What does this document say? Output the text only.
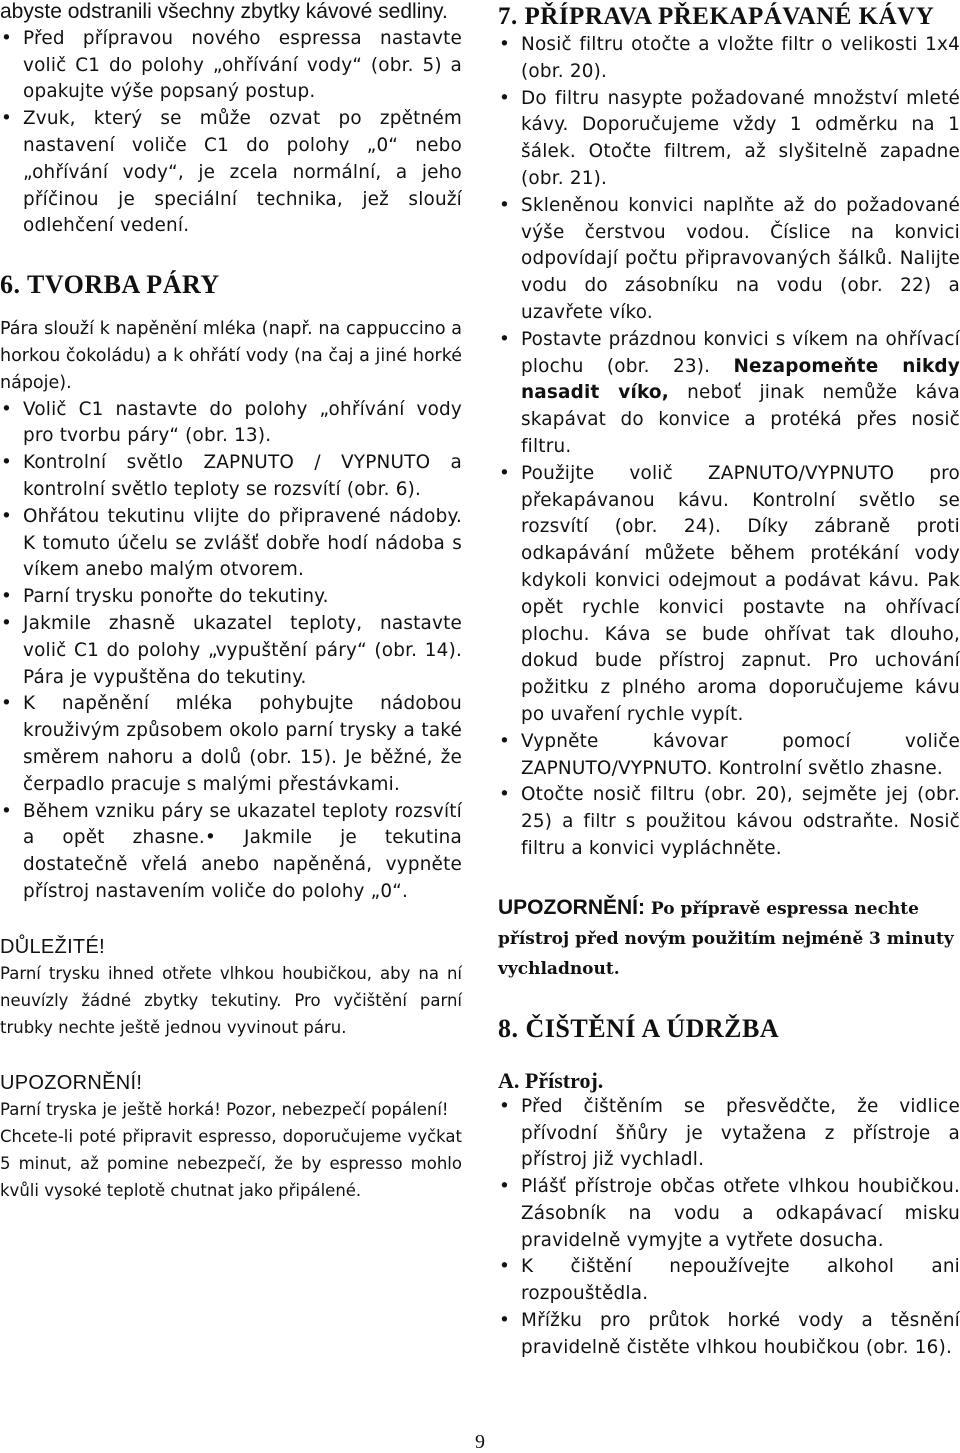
abyste odstranili všechny zbytky kávové sedliny.

• Před přípravou nového espressa nastavte volič C1 do polohy „ohřívání vody“ (obr. 5) a opakujte výše popsaný postup.
• Zvuk, který se může ozvat po zpětném nastavení voliče C1 do polohy „0“ nebo „ohřívání vody“, je zcela normální, a jeho příčinou je speciální technika, jež slouží odlehčení vedení.
6. TVORBA PÁRY

Pára slouží k napěnění mléka (např. na cappuccino a horkou čokoládu) a k ohřátí vody (na čaj a jiné horké nápoje).

• Volič C1 nastavte do polohy „ohřívání vody pro tvorbu páry“ (obr. 13).
• Kontrolní světlo ZAPNUTO / VYPNUTO a kontrolní světlo teploty se rozsvítí (obr. 6).
• Ohřátou tekutinu vlijte do připravené nádoby. K tomuto účelu se zvlášť dobře hodí nádoba s víkem anebo malým otvorem.
• Parní trysku ponořte do tekutiny.
• Jakmile zhasně ukazatel teploty, nastavte volič C1 do polohy „vypuštění páry“ (obr. 14). Pára je vypuštěna do tekutiny.
• K napěnění mléka pohybujte nádobou krouživým způsobem okolo parní trysky a také směrem nahoru a dolů (obr. 15). Je běžné, že čerpadlo pracuje s malými přestávkami.
• Během vzniku páry se ukazatel teploty rozsvítí a opět zhasne.• Jakmile je tekutina dostatečně vřelá anebo napěněná, vypněte přístroj nastavením voliče do polohy „0“.
DŮLEŽITÉ!

Parní trysku ihned otřete vlhkou houbičkou, aby na ní neuvízly žádné zbytky tekutiny. Pro vyčištění parní trubky nechte ještě jednou vyvinout páru.

UPOZORNĚNÍ!

Parní tryska je ještě horká! Pozor, nebezpečí popálení!

Chcete-li poté připravit espresso, doporučujeme vyčkat 5 minut, až pomine nebezpečí, že by espresso mohlo kvůli vysoké teplotě chutnat jako připálené.

7. PŘÍPRAVA PŘEKAPÁVANÉ KÁVY
• Nosič filtru otočte a vložte filtr o velikosti 1x4 (obr. 20).
• Do filtru nasypte požadované množství mleté kávy. Doporučujeme vždy 1 odměrku na 1 šálek. Otočte filtrem, až slyšitelně zapadne (obr. 21).
• Skleněnou konvici naplňte až do požadované výše čerstvou vodou. Číslice na konvici odpovídají počtu připravovaných šálků. Nalijte vodu do zásobníku na vodu (obr. 22) a uzavřete víko.
• Postavte prázdnou konvici s víkem na ohřívací plochu (obr. 23). Nezapomeňte nikdy nasadit víko, neboť jinak nemůže káva skapávat do konvice a protéká přes nosič filtru.
• Použijte volič ZAPNUTO/VYPNUTO pro překapávanou kávu. Kontrolní světlo se rozsvítí (obr. 24). Díky zábraně proti odkapávání můžete během protékání vody kdykoli konvici odejmout a podávat kávu. Pak opět rychle konvici postavte na ohřívací plochu. Káva se bude ohřívat tak dlouho, dokud bude přístroj zapnut. Pro uchování požitku z plného aroma doporučujeme kávu po uvaření rychle vypít.
• Vypněte kávovar pomocí voliče ZAPNUTO/VYPNUTO. Kontrolní světlo zhasne.
• Otočte nosič filtru (obr. 20), sejměte jej (obr. 25) a filtr s použitou kávou odstraňte. Nosič filtru a konvici vypláchněte.

UPOZORNĚNÍ: Po přípravě espressa nechte přístroj před novým použitím nejméně 3 minuty vychladnout.

8. ČIŠTĚNÍ A ÚDRŽBA
A. Přístroj.
• Před čištěním se přesvědčte, že vidlice přívodní šňůry je vytažena z přístroje a přístroj již vychladl.
• Plášť přístroje občas otřete vlhkou houbičkou. Zásobník na vodu a odkapávací misku pravidelně vymyjte a vytřete dosucha.
• K čištění nepoužívejte alkohol ani rozpouštědla.
• Mřížku pro průtok horké vody a těsnění pravidelně čistěte vlhkou houbičkou (obr. 16).
9
